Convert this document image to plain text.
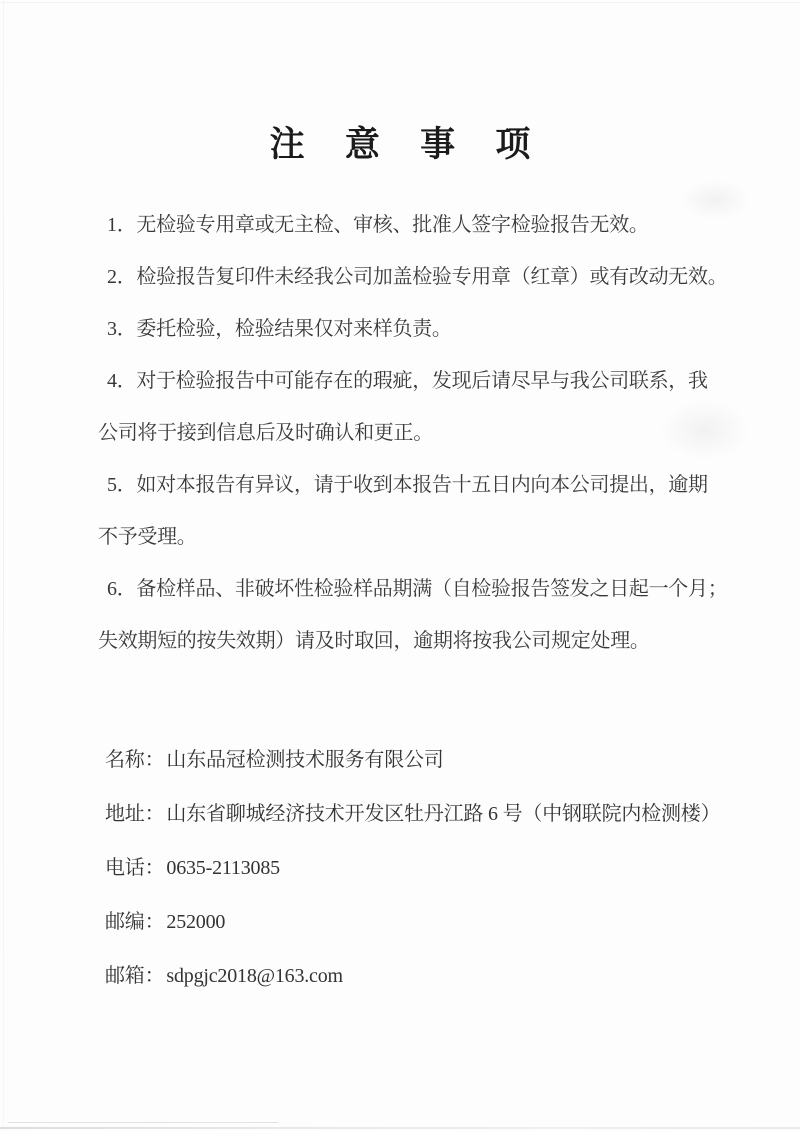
注 意 事 项

1．无检验专用章或无主检、审核、批准人签字检验报告无效。

2．检验报告复印件未经我公司加盖检验专用章（红章）或有改动无效。

3．委托检验，检验结果仅对来样负责。

4．对于检验报告中可能存在的瑕疵，发现后请尽早与我公司联系，我

公司将于接到信息后及时确认和更正。

5．如对本报告有异议，请于收到本报告十五日内向本公司提出，逾期

不予受理。

6．备检样品、非破坏性检验样品期满（自检验报告签发之日起一个月；

失效期短的按失效期）请及时取回，逾期将按我公司规定处理。

名称： 山东品冠检测技术服务有限公司

地址： 山东省聊城经济技术开发区牡丹江路 6 号（中钢联院内检测楼）

电话： 0635-2113085

邮编： 252000

邮箱： sdpgjc2018@163.com
